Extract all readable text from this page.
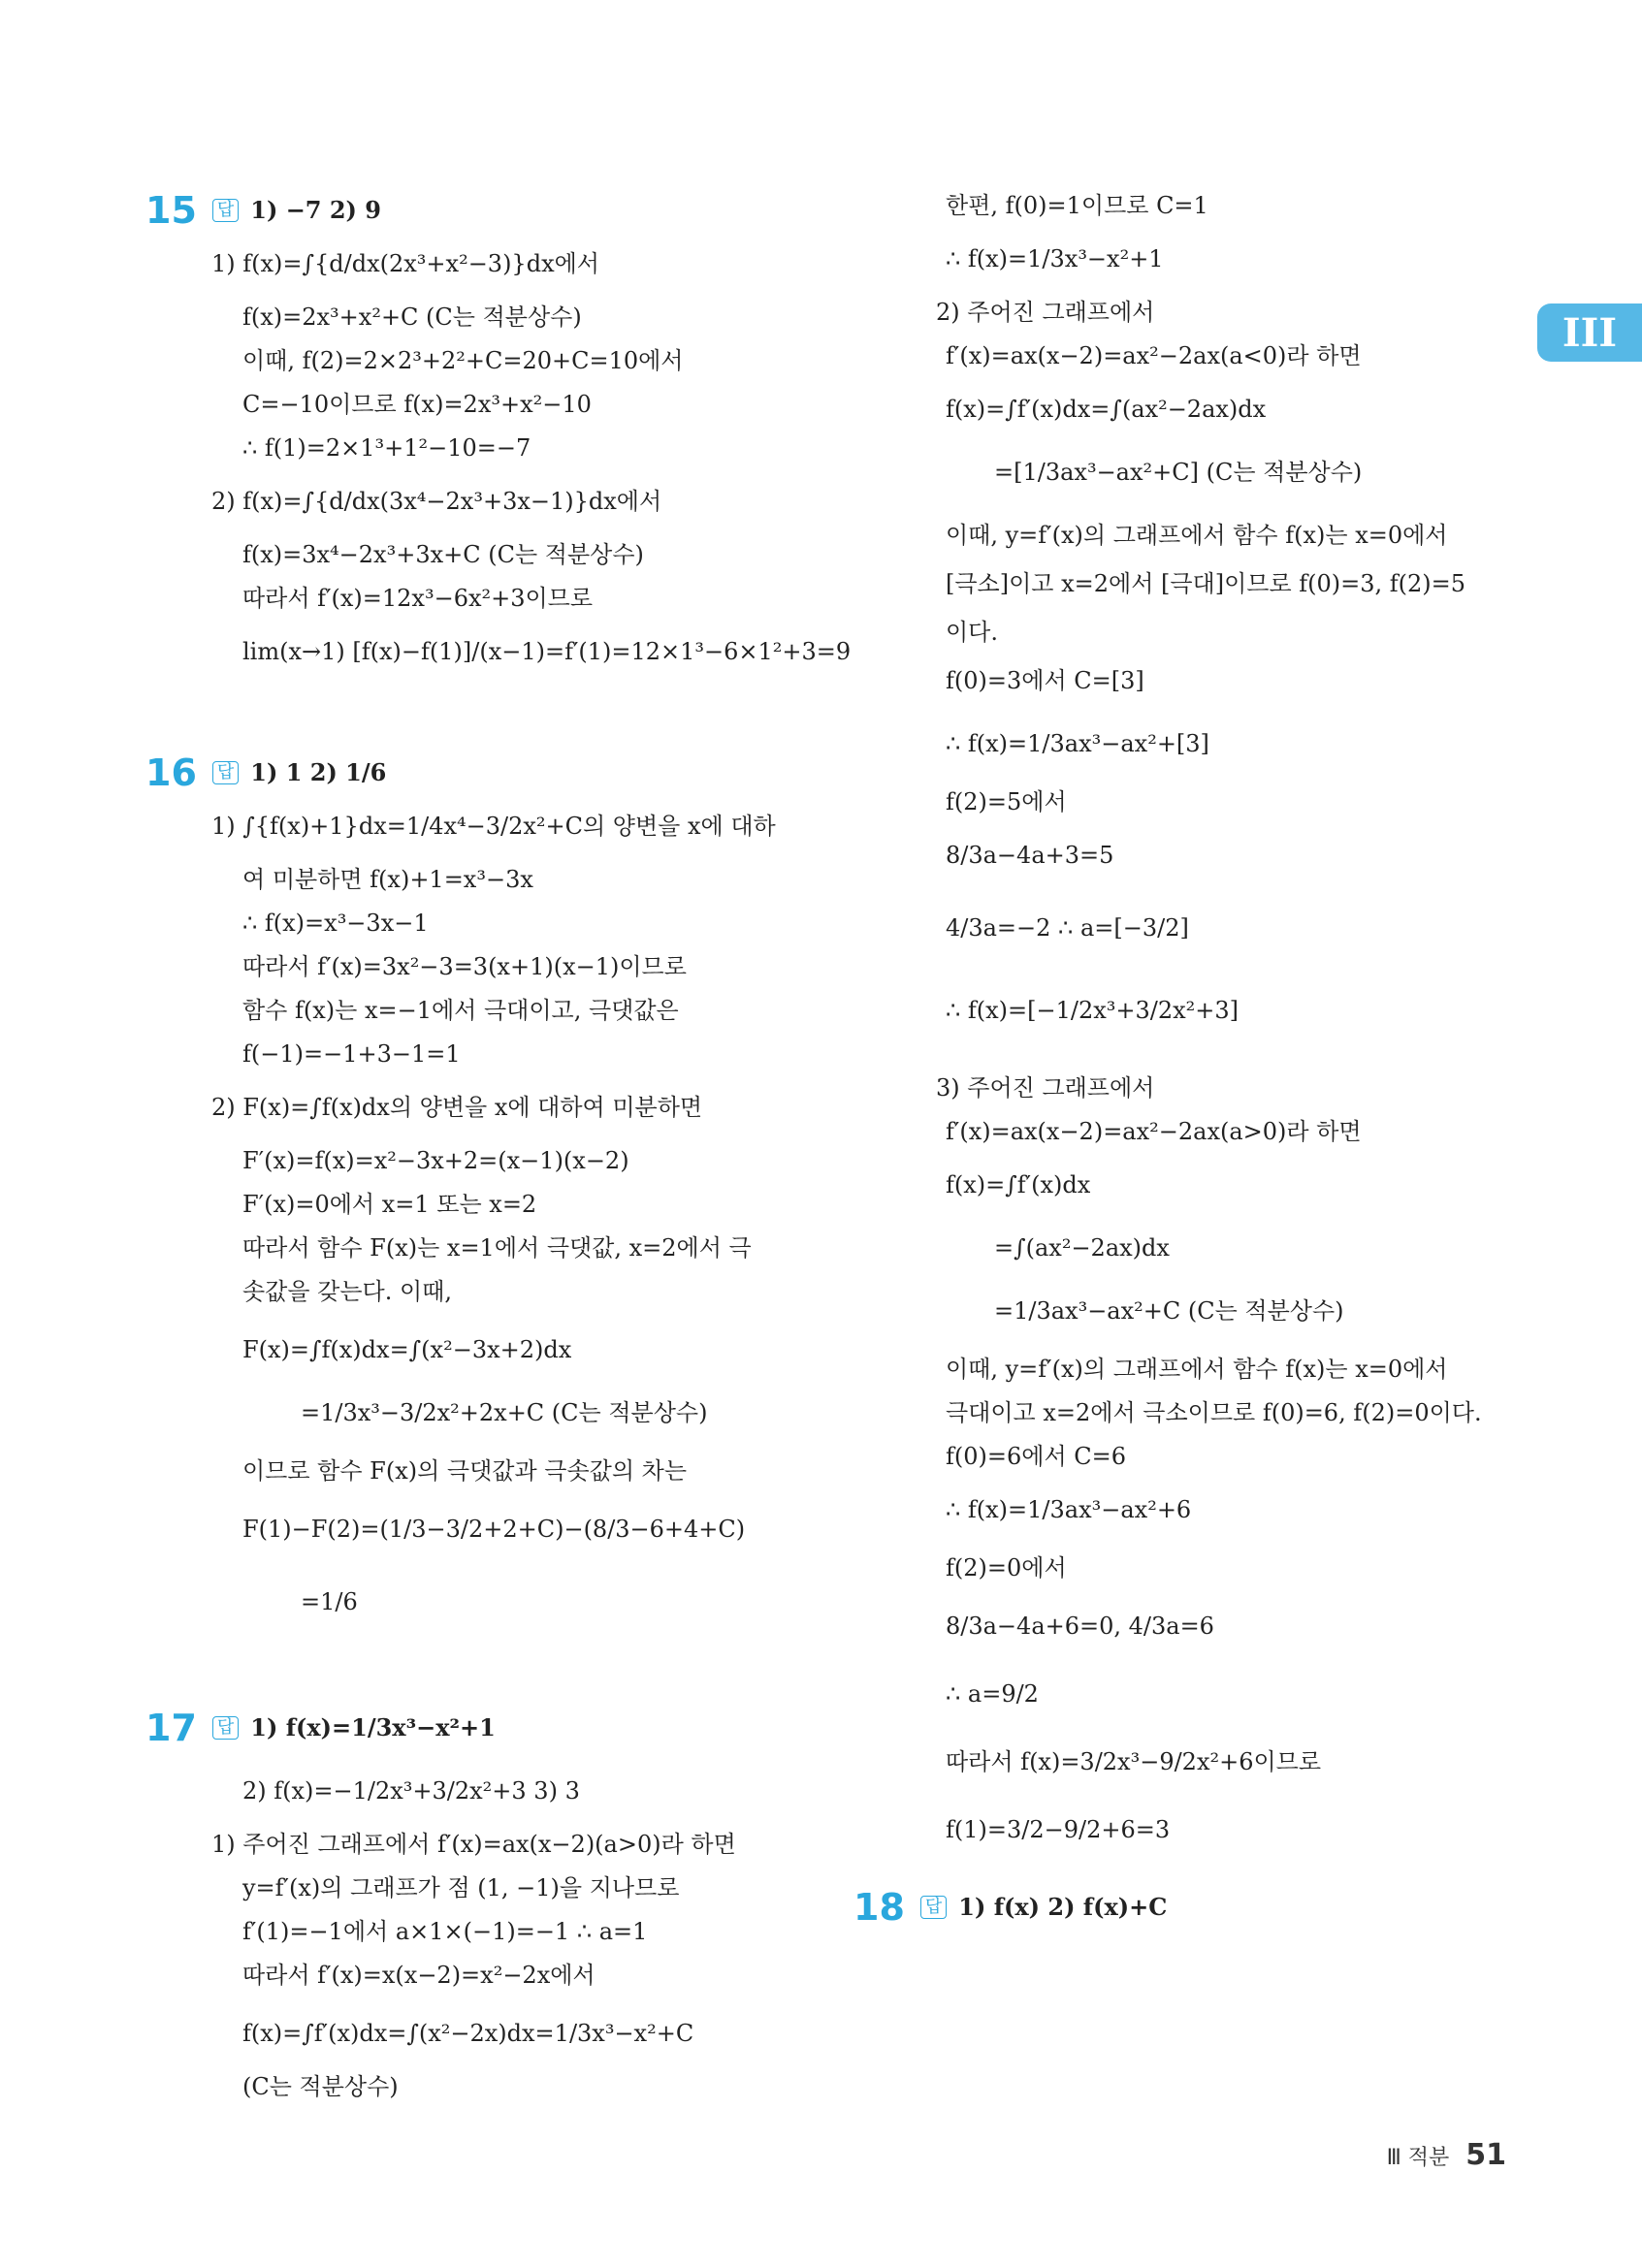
III
15 답 1) −7 2) 9
1) f(x)=∫{d/dx(2x³+x²−3)}dx에서
f(x)=2x³+x²+C (C는 적분상수)
이때, f(2)=2×2³+2²+C=20+C=10에서
C=−10이므로 f(x)=2x³+x²−10
∴ f(1)=2×1³+1²−10=−7
2) f(x)=∫{d/dx(3x⁴−2x³+3x−1)}dx에서
f(x)=3x⁴−2x³+3x+C (C는 적분상수)
따라서 f′(x)=12x³−6x²+3이므로
lim(x→1) [f(x)−f(1)]/(x−1)=f′(1)=12×1³−6×1²+3=9
16 답 1) 1 2) 1/6
1) ∫{f(x)+1}dx=1/4x⁴−3/2x²+C의 양변을 x에 대하
여 미분하면 f(x)+1=x³−3x
∴ f(x)=x³−3x−1
따라서 f′(x)=3x²−3=3(x+1)(x−1)이므로
함수 f(x)는 x=−1에서 극대이고, 극댓값은
f(−1)=−1+3−1=1
2) F(x)=∫f(x)dx의 양변을 x에 대하여 미분하면
F′(x)=f(x)=x²−3x+2=(x−1)(x−2)
F′(x)=0에서 x=1 또는 x=2
따라서 함수 F(x)는 x=1에서 극댓값, x=2에서 극
솟값을 갖는다. 이때,
F(x)=∫f(x)dx=∫(x²−3x+2)dx
=1/3x³−3/2x²+2x+C (C는 적분상수)
이므로 함수 F(x)의 극댓값과 극솟값의 차는
F(1)−F(2)=(1/3−3/2+2+C)−(8/3−6+4+C)
=1/6
17 답 1) f(x)=1/3x³−x²+1
2) f(x)=−1/2x³+3/2x²+3 3) 3
1) 주어진 그래프에서 f′(x)=ax(x−2)(a>0)라 하면
y=f′(x)의 그래프가 점 (1, −1)을 지나므로
f′(1)=−1에서 a×1×(−1)=−1 ∴ a=1
따라서 f′(x)=x(x−2)=x²−2x에서
f(x)=∫f′(x)dx=∫(x²−2x)dx=1/3x³−x²+C
(C는 적분상수)
한편, f(0)=1이므로 C=1
∴ f(x)=1/3x³−x²+1
2) 주어진 그래프에서
f′(x)=ax(x−2)=ax²−2ax(a<0)라 하면
f(x)=∫f′(x)dx=∫(ax²−2ax)dx
=[1/3ax³−ax²+C] (C는 적분상수)
이때, y=f′(x)의 그래프에서 함수 f(x)는 x=0에서
[극소]이고 x=2에서 [극대]이므로 f(0)=3, f(2)=5
이다.
f(0)=3에서 C=[3]
∴ f(x)=1/3ax³−ax²+[3]
f(2)=5에서
8/3a−4a+3=5
4/3a=−2 ∴ a=[−3/2]
∴ f(x)=[−1/2x³+3/2x²+3]
3) 주어진 그래프에서
f′(x)=ax(x−2)=ax²−2ax(a>0)라 하면
f(x)=∫f′(x)dx
=∫(ax²−2ax)dx
=1/3ax³−ax²+C (C는 적분상수)
이때, y=f′(x)의 그래프에서 함수 f(x)는 x=0에서
극대이고 x=2에서 극소이므로 f(0)=6, f(2)=0이다.
f(0)=6에서 C=6
∴ f(x)=1/3ax³−ax²+6
f(2)=0에서
8/3a−4a+6=0, 4/3a=6
∴ a=9/2
따라서 f(x)=3/2x³−9/2x²+6이므로
f(1)=3/2−9/2+6=3
18 답 1) f(x) 2) f(x)+C
Ⅲ 적분 51
